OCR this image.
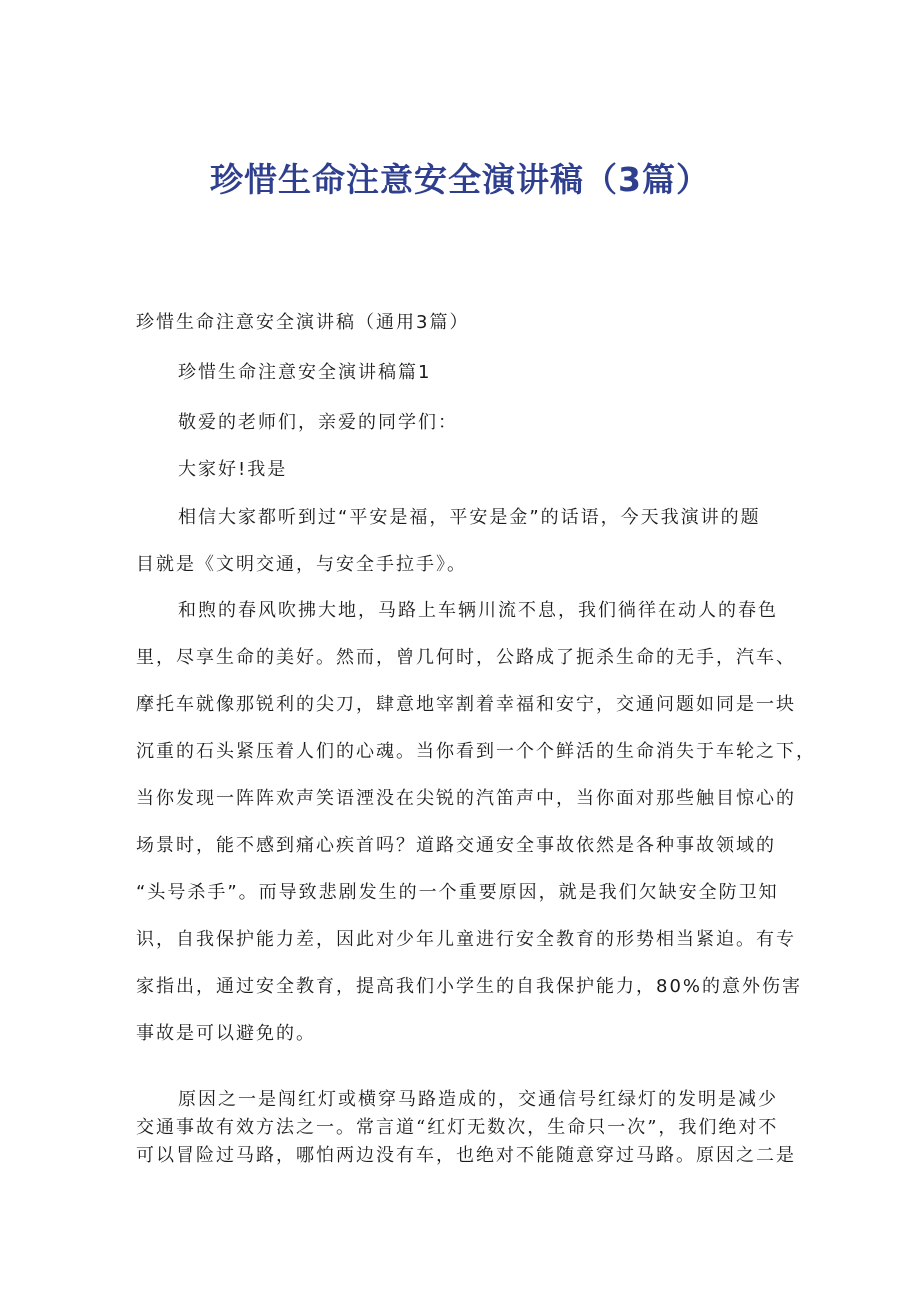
珍惜生命注意安全演讲稿（3篇）
珍惜生命注意安全演讲稿（通用3篇）
珍惜生命注意安全演讲稿篇1
敬爱的老师们，亲爱的同学们：
大家好!我是

相信大家都听到过“平安是福，平安是金”的话语，今天我演讲的题

目就是《文明交通，与安全手拉手》。

和煦的春风吹拂大地，马路上车辆川流不息，我们徜徉在动人的春色

里，尽享生命的美好。然而，曾几何时，公路成了扼杀生命的无手，汽车、

摩托车就像那锐利的尖刀，肆意地宰割着幸福和安宁，交通问题如同是一块

沉重的石头紧压着人们的心魂。当你看到一个个鲜活的生命消失于车轮之下，

当你发现一阵阵欢声笑语湮没在尖锐的汽笛声中，当你面对那些触目惊心的

场景时，能不感到痛心疾首吗？道路交通安全事故依然是各种事故领域的

“头号杀手”。而导致悲剧发生的一个重要原因，就是我们欠缺安全防卫知

识，自我保护能力差，因此对少年儿童进行安全教育的形势相当紧迫。有专

家指出，通过安全教育，提高我们小学生的自我保护能力，80%的意外伤害

事故是可以避免的。

原因之一是闯红灯或横穿马路造成的，交通信号红绿灯的发明是减少

交通事故有效方法之一。常言道“红灯无数次，生命只一次”，我们绝对不

可以冒险过马路，哪怕两边没有车，也绝对不能随意穿过马路。原因之二是
